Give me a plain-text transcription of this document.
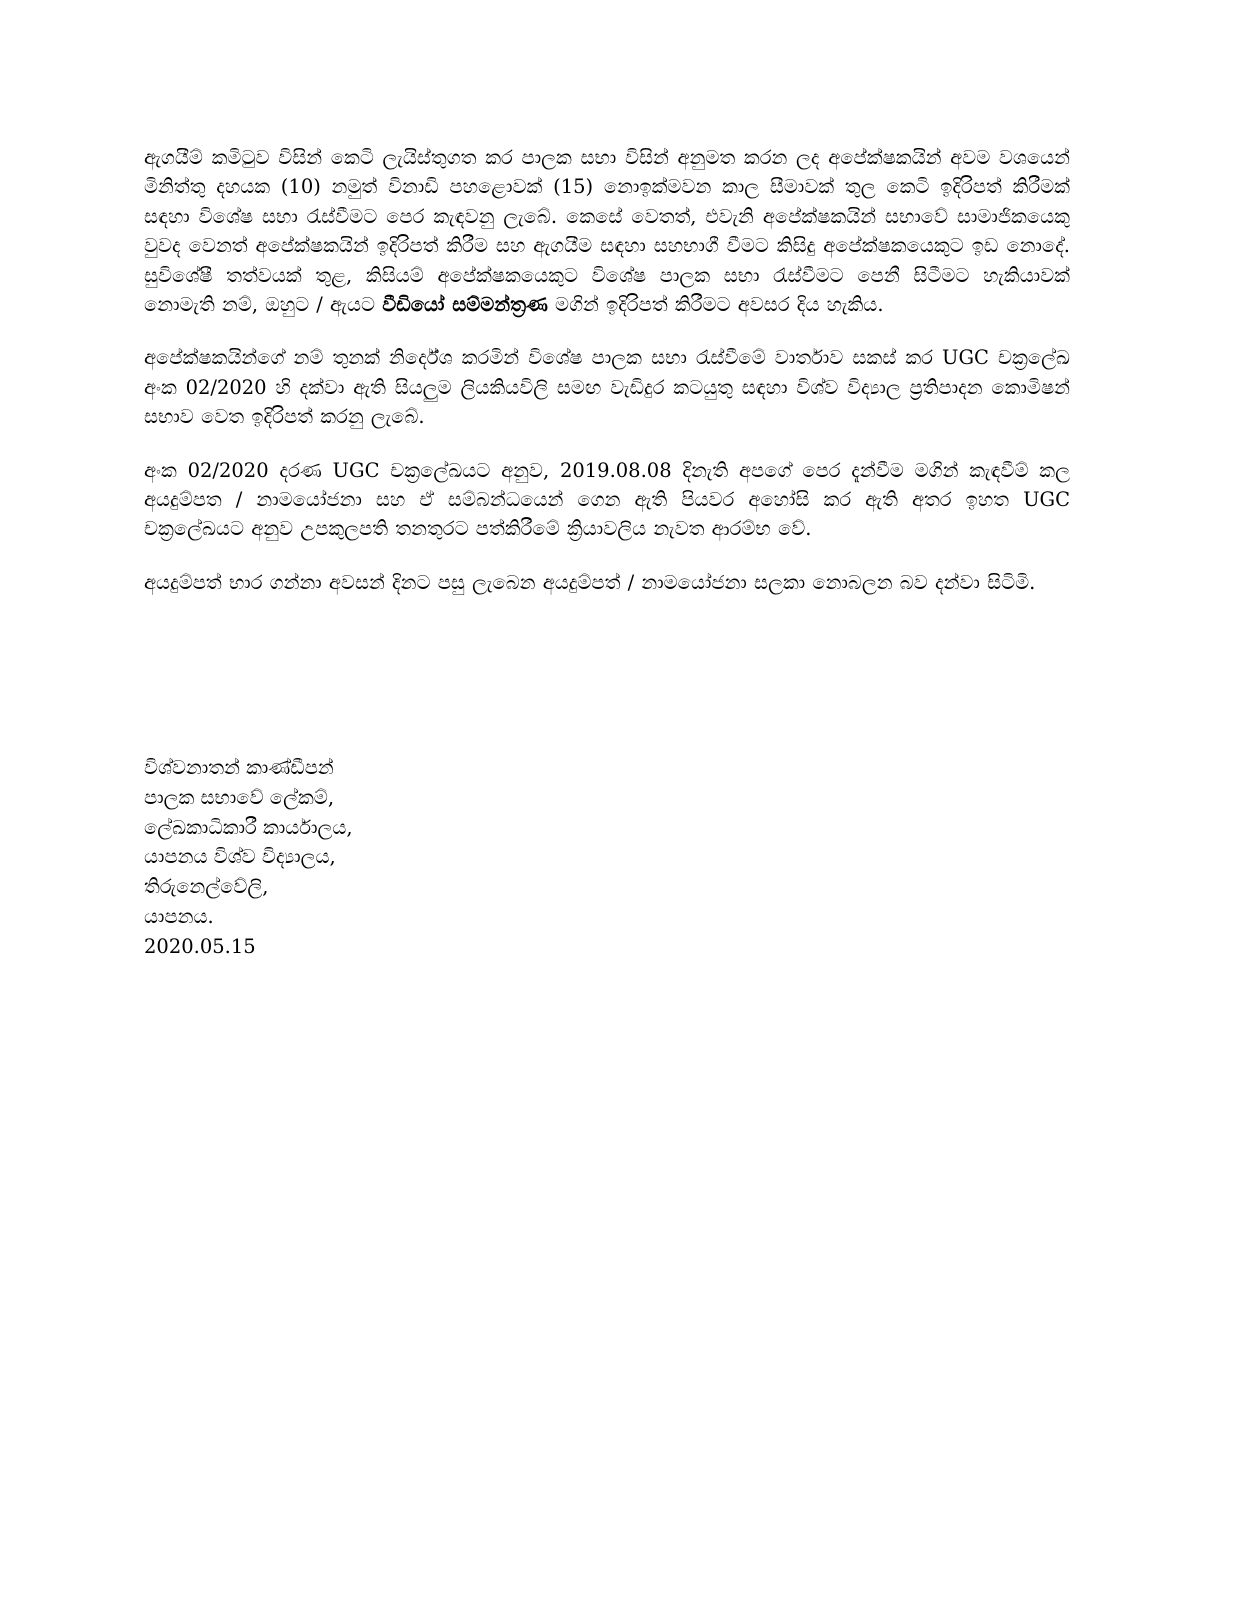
ඇගයීම් කමිටුව විසින් කෙටි ලැයිස්තුගත කර පාලක සභා විසින් අනුමත කරන ලද අපේක්ෂකයින් අවම වශයෙන් මිනිත්තු දහයක (10) නමුත් විනාඩි පහළොවක් (15) නොඉක්මවන කාල සීමාවක් තුල කෙටි ඉදිරිපත් කිරීමක් සඳහා විශේෂ සභා රැස්වීමට පෙර කැඳවනු ලැබේ. කෙසේ වෙතත්, එවැනි අපේක්ෂකයින් සභාවේ සාමාජිකයෙකු වුවද වෙනත් අපේක්ෂකයින් ඉදිරිපත් කිරීම සහ ඇගයීම සඳහා සහභාගී වීමට කිසිදු අපේක්ෂකයෙකුට ඉඩ නොදේ. සුවිශේෂී තත්වයක් තුළ, කිසියම් අපේක්ෂකයෙකුට විශේෂ පාලක සභා රැස්වීමට පෙනී සිටීමට හැකියාවක් නොමැති නම්, ඔහුට / ඇයට වීඩියෝ සම්මන්ත්‍රණ මගින් ඉදිරිපත් කිරීමට අවසර දිය හැකිය.

අපේක්ෂකයින්ගේ නම් තුනක් නිර්දේශ කරමින් විශේෂ පාලක සභා රැස්වීමේ වාර්තාව සකස් කර UGC චක්‍රලේඛ අංක 02/2020 හි දක්වා ඇති සියලුම ලියකියවිලි සමඟ වැඩිදුර කටයුතු සඳහා විශ්ව විද්‍යාල ප්‍රතිපාදන කොමිෂන් සභාව වෙත ඉදිරිපත් කරනු ලැබේ.

අංක 02/2020 දරණ UGC චක්‍රලේඛයට අනුව, 2019.08.08 දිනැති අපගේ පෙර දැන්වීම මගින් කැඳවීම් කල අයදුම්පත / නාමයෝජනා සහ ඒ සම්බන්ධයෙන් ගෙන ඇති පියවර අහෝසි කර ඇති අතර ඉහත UGC චක්‍රලේඛයට අනුව උපකුලපති තනතුරට පත්කිරීමේ ක්‍රියාවලිය නැවත ආරම්භ වේ.

අයදුම්පත් භාර ගන්නා අවසන් දිනට පසු ලැබෙන අයදුම්පත් / නාමයෝජනා සලකා නොබලන බව දන්වා සිටිමි.

විශ්වනාතන් කාණ්ඩීපන්
පාලක සභාවේ ලේකම්,
ලේඛකාධිකාරී කාර්යාලය,
යාපනය විශ්ව විද්‍යාලය,
තිරුනෙල්වේලි,
යාපනය.
2020.05.15
